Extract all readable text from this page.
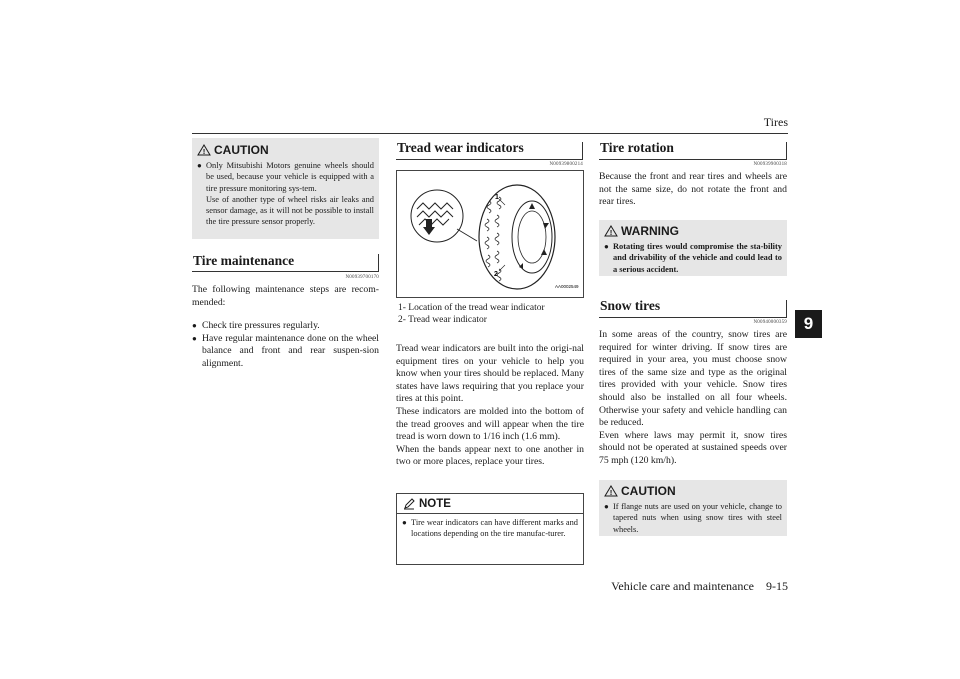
Tires
Vehicle care and maintenance    9-15
9
! CAUTION
● Only Mitsubishi Motors genuine wheels should be used, because your vehicle is equipped with a tire pressure monitoring sys-tem.
Use of another type of wheel risks air leaks and sensor damage, as it will not be possible to install the tire pressure sensor properly.
Tire maintenance
N00939700170
The following maintenance steps are recom-mended:
● Check tire pressures regularly.
● Have regular maintenance done on the wheel balance and front and rear suspen-sion alignment.
Tread wear indicators
N00939800214
1
2
AA0002549
1- Location of the tread wear indicator
2- Tread wear indicator
Tread wear indicators are built into the origi-nal equipment tires on your vehicle to help you know when your tires should be replaced. Many states have laws requiring that you replace your tires at this point.
These indicators are molded into the bottom of the tread grooves and will appear when the tire tread is worn down to 1/16 inch (1.6 mm).
When the bands appear next to one another in two or more places, replace your tires.
NOTE
● Tire wear indicators can have different marks and locations depending on the tire manufac-turer.
Tire rotation
N00939900318
Because the front and rear tires and wheels are not the same size, do not rotate the front and rear tires.
! WARNING
● Rotating tires would compromise the sta-bility and drivability of the vehicle and could lead to a serious accident.
Snow tires
N00940000359
In some areas of the country, snow tires are required for winter driving. If snow tires are required in your area, you must choose snow tires of the same size and type as the original tires provided with your vehicle. Snow tires should also be installed on all four wheels. Otherwise your safety and vehicle handling can be reduced.
Even where laws may permit it, snow tires should not be operated at sustained speeds over 75 mph (120 km/h).
! CAUTION
● If flange nuts are used on your vehicle, change to tapered nuts when using snow tires with steel wheels.
